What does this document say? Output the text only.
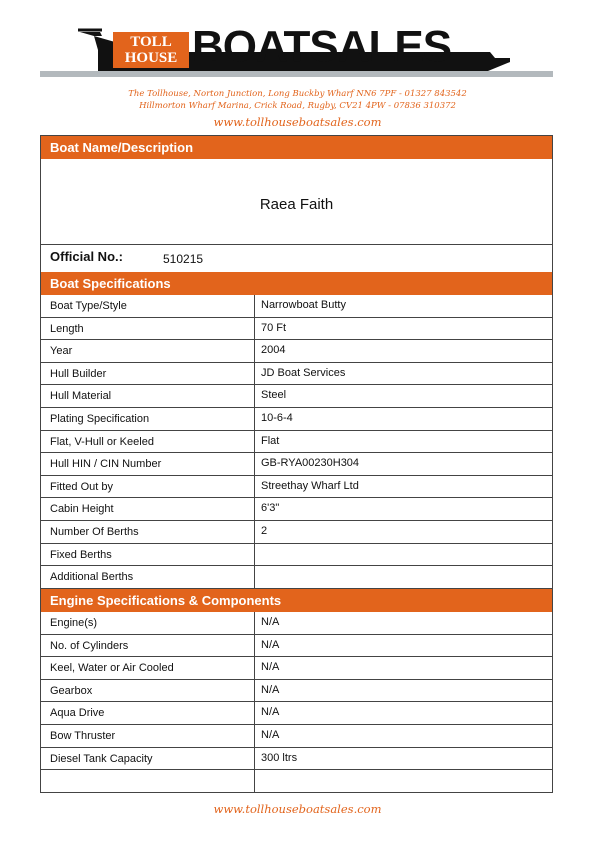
TOLL
HOUSE BOATSALES
The Tollhouse, Norton Junction, Long Buckby Wharf NN6 7PF - 01327 843542
Hillmorton Wharf Marina, Crick Road, Rugby, CV21 4PW - 07836 310372
www.tollhouseboatsales.com
Boat Name/Description
Raea Faith
Official No.:	510215
Boat Specifications
Boat Type/Style	Narrowboat Butty
Length	70 Ft
Year	2004
Hull Builder	JD Boat Services
Hull Material	Steel
Plating Specification	10-6-4
Flat, V-Hull or Keeled	Flat
Hull HIN / CIN Number	GB-RYA00230H304
Fitted Out by	Streethay Wharf Ltd
Cabin Height	6'3"
Number Of Berths	2
Fixed Berths
Additional Berths
Engine Specifications & Components
Engine(s)	N/A
No. of Cylinders	N/A
Keel, Water or Air Cooled	N/A
Gearbox	N/A
Aqua Drive	N/A
Bow Thruster	N/A
Diesel Tank Capacity	300 ltrs
www.tollhouseboatsales.com
